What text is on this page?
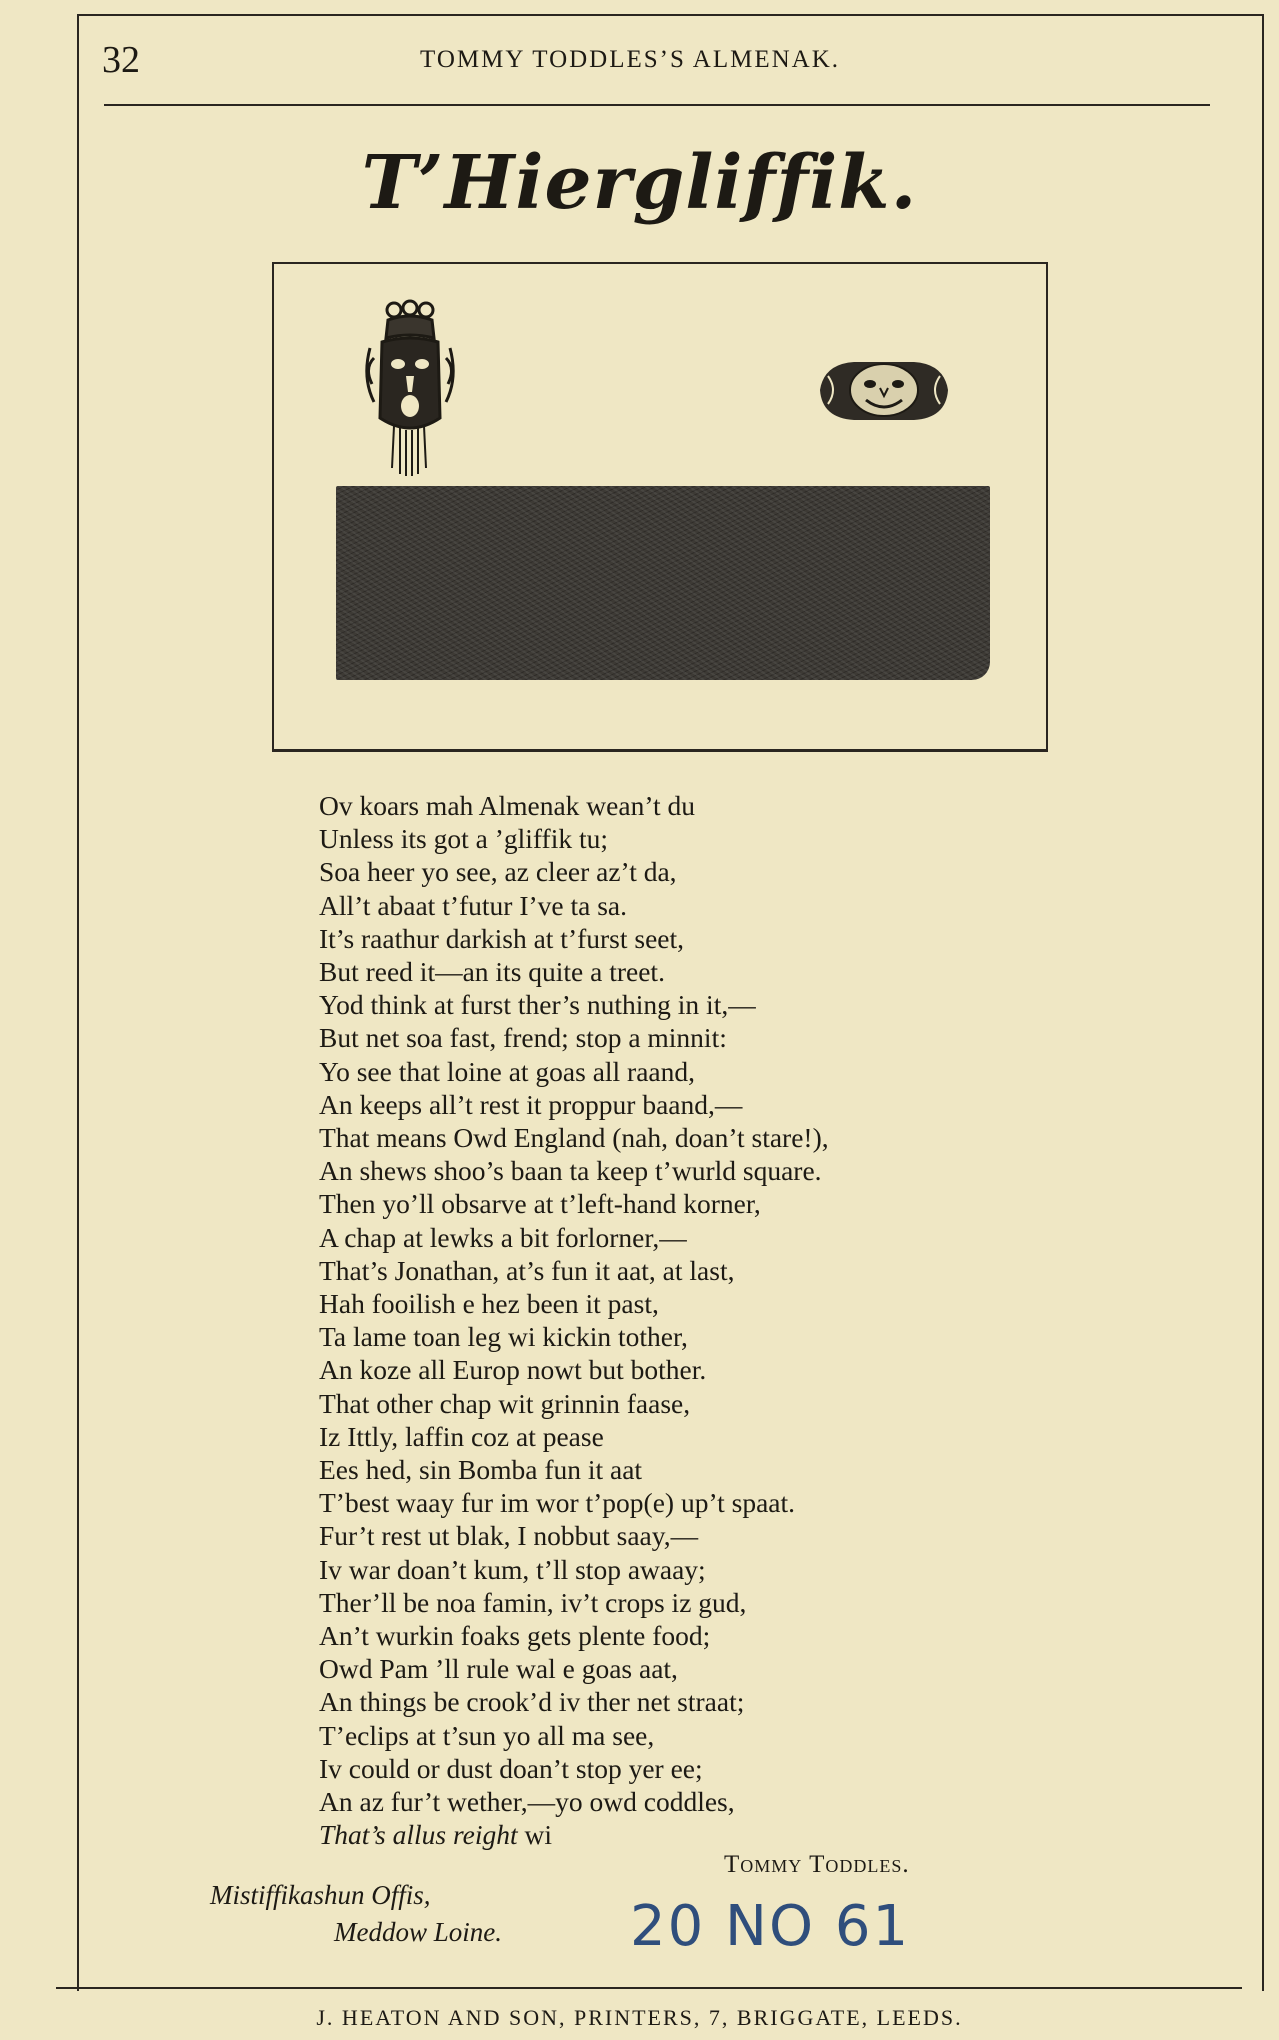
32	TOMMY TODDLES’S ALMENAK.
T’Hiergliffik.
Ov koars mah Almenak wean’t du
Unless its got a ’gliffik tu;
Soa heer yo see, az cleer az’t da,
All’t abaat t’futur I’ve ta sa.
It’s raathur darkish at t’furst seet,
But reed it—an its quite a treet.
Yod think at furst ther’s nuthing in it,—
But net soa fast, frend; stop a minnit:
Yo see that loine at goas all raand,
An keeps all’t rest it proppur baand,—
That means Owd England (nah, doan’t stare!),
An shews shoo’s baan ta keep t’wurld square.
Then yo’ll obsarve at t’left-hand korner,
A chap at lewks a bit forlorner,—
That’s Jonathan, at’s fun it aat, at last,
Hah fooilish e hez been it past,
Ta lame toan leg wi kickin tother,
An koze all Europ nowt but bother.
That other chap wit grinnin faase,
Iz Ittly, laffin coz at pease
Ees hed, sin Bomba fun it aat
T’best waay fur im wor t’pop(e) up’t spaat.
Fur’t rest ut blak, I nobbut saay,—
Iv war doan’t kum, t’ll stop awaay;
Ther’ll be noa famin, iv’t crops iz gud,
An’t wurkin foaks gets plente food;
Owd Pam ’ll rule wal e goas aat,
An things be crook’d iv ther net straat;
T’eclips at t’sun yo all ma see,
Iv could or dust doan’t stop yer ee;
An az fur’t wether,—yo owd coddles,
That’s allus reight wi
Tommy Toddles.
Mistiffikashun Offis,
Meddow Loine. 20 NO 61
J. HEATON AND SON, PRINTERS, 7, BRIGGATE, LEEDS.
